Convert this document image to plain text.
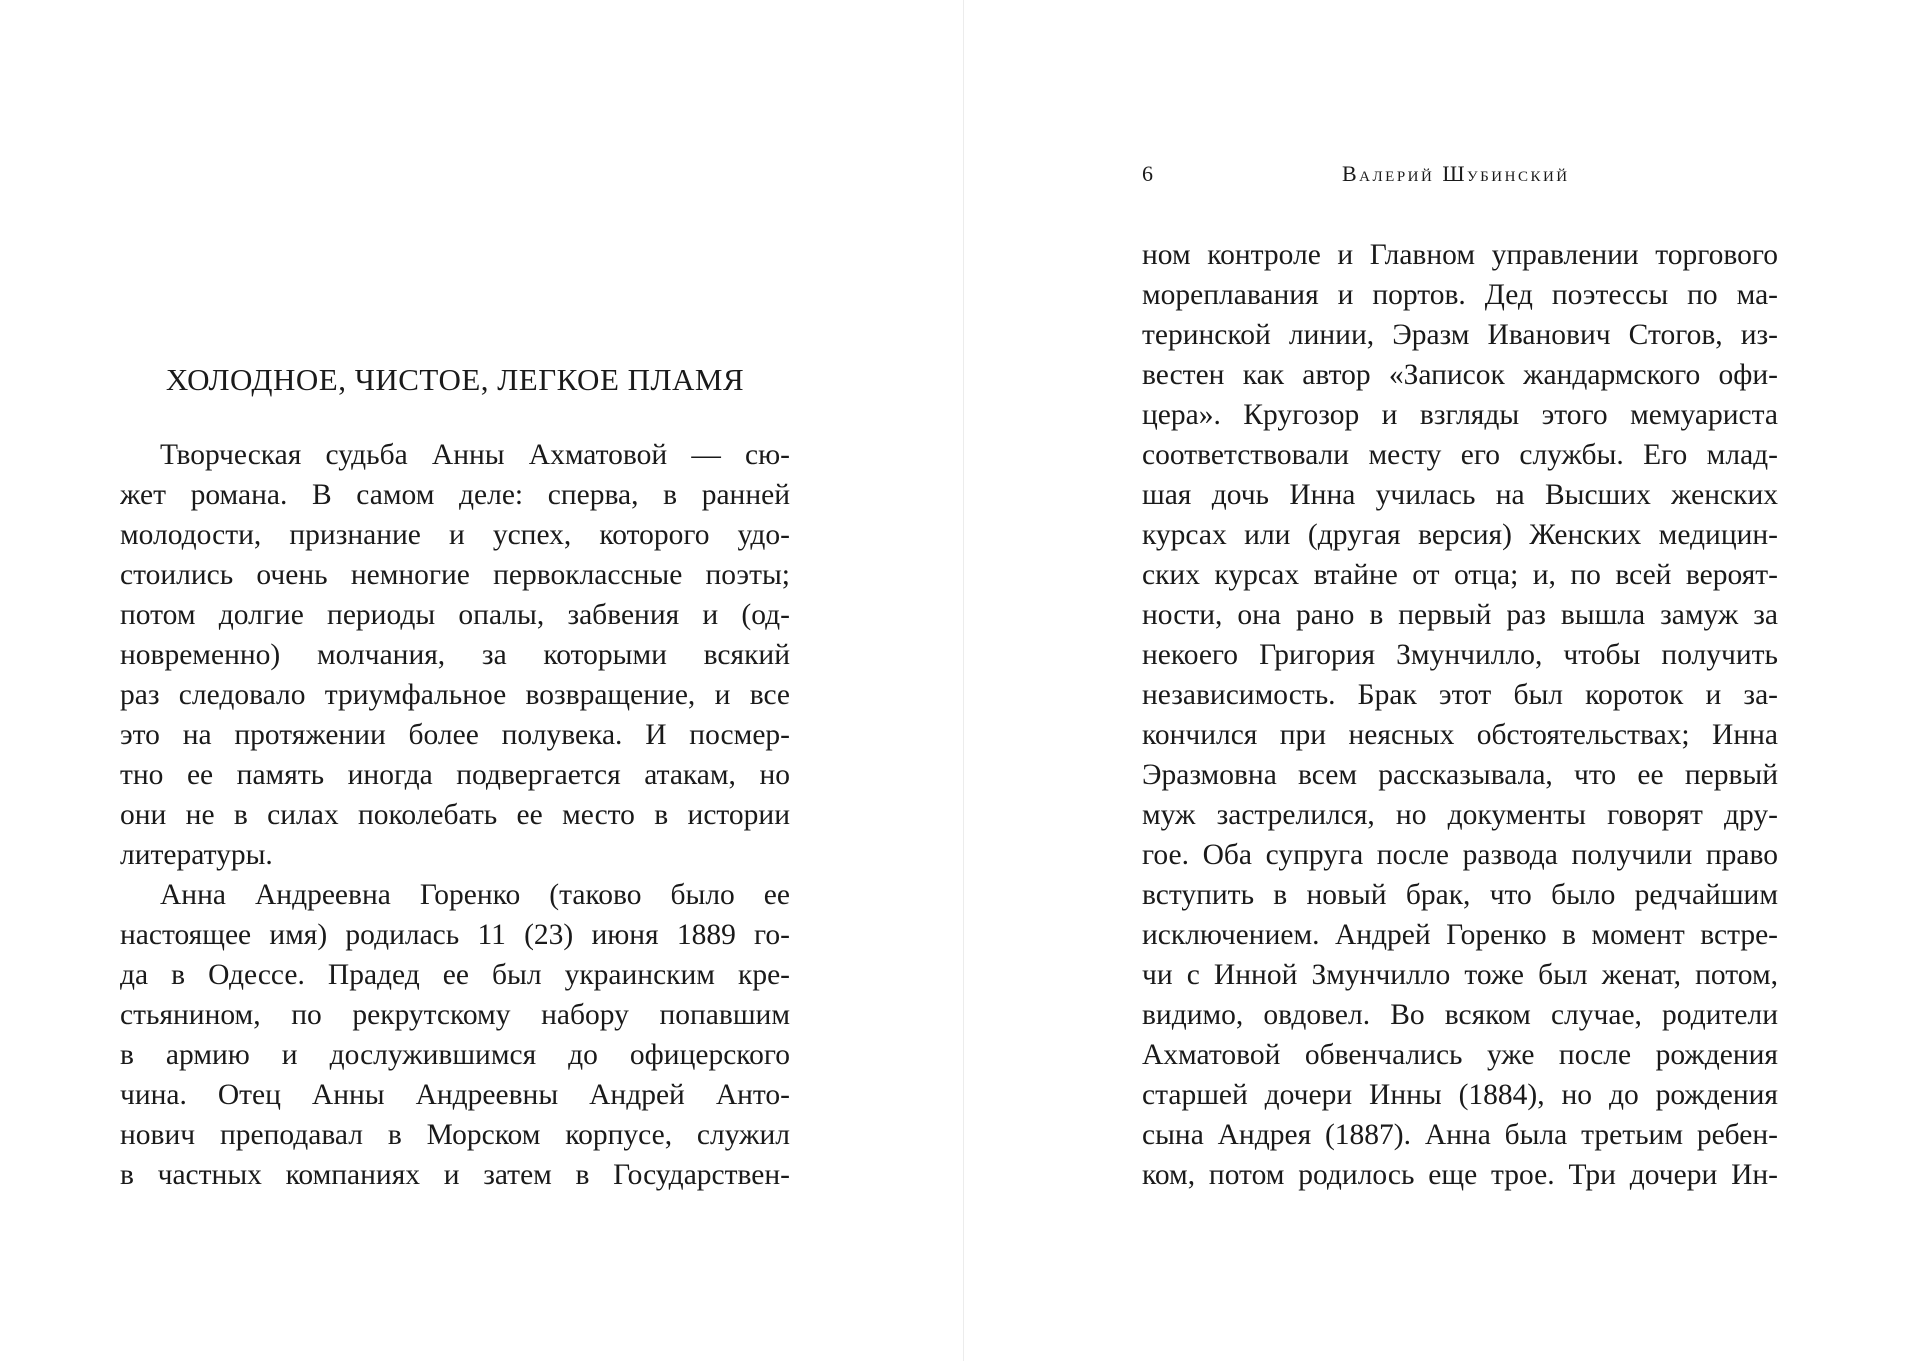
ХОЛОДНОЕ, ЧИСТОЕ, ЛЕГКОЕ ПЛАМЯ
Творческая судьба Анны Ахматовой — сю-
жет романа. В самом деле: сперва, в ранней
молодости, признание и успех, которого удо-
стоились очень немногие первоклассные поэты;
потом долгие периоды опалы, забвения и (од-
новременно) молчания, за которыми всякий
раз следовало триумфальное возвращение, и все
это на протяжении более полувека. И посмер-
тно ее память иногда подвергается атакам, но
они не в силах поколебать ее место в истории
литературы.
Анна Андреевна Горенко (таково было ее
настоящее имя) родилась 11 (23) июня 1889 го-
да в Одессе. Прадед ее был украинским кре-
стьянином, по рекрутскому набору попавшим
в армию и дослужившимся до офицерского
чина. Отец Анны Андреевны Андрей Анто-
нович преподавал в Морском корпусе, служил
в частных компаниях и затем в Государствен-
6	Валерий Шубинский
ном контроле и Главном управлении торгового
мореплавания и портов. Дед поэтессы по ма-
теринской линии, Эразм Иванович Стогов, из-
вестен как автор «Записок жандармского офи-
цера». Кругозор и взгляды этого мемуариста
соответствовали месту его службы. Его млад-
шая дочь Инна училась на Высших женских
курсах или (другая версия) Женских медицин-
ских курсах втайне от отца; и, по всей вероят-
ности, она рано в первый раз вышла замуж за
некоего Григория Змунчилло, чтобы получить
независимость. Брак этот был короток и за-
кончился при неясных обстоятельствах; Инна
Эразмовна всем рассказывала, что ее первый
муж застрелился, но документы говорят дру-
гое. Оба супруга после развода получили право
вступить в новый брак, что было редчайшим
исключением. Андрей Горенко в момент встре-
чи с Инной Змунчилло тоже был женат, потом,
видимо, овдовел. Во всяком случае, родители
Ахматовой обвенчались уже после рождения
старшей дочери Инны (1884), но до рождения
сына Андрея (1887). Анна была третьим ребен-
ком, потом родилось еще трое. Три дочери Ин-
